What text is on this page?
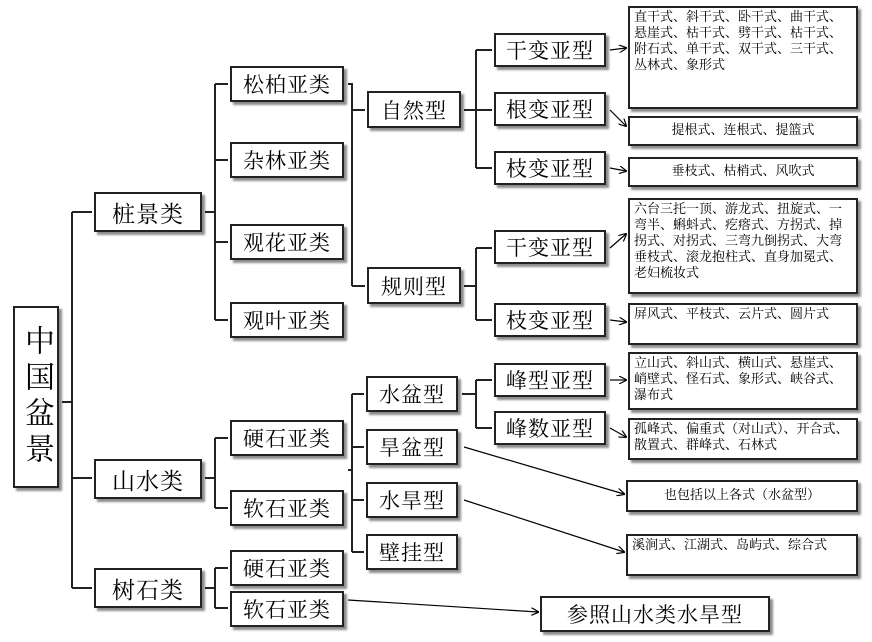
中国盆景
桩景类
山水类
树石类
松柏亚类
杂林亚类
观花亚类
观叶亚类
自然型
规则型
干变亚型
根变亚型
枝变亚型
干变亚型
枝变亚型
直干式、斜干式、卧干式、曲干式、悬崖式、枯干式、劈干式、枯干式、附石式、单干式、双干式、三干式、丛林式、象形式
提根式、连根式、提篮式
垂枝式、枯梢式、风吹式
六台三托一顶、游龙式、扭旋式、一弯半、蝌蚪式、疙瘩式、方拐式、掉拐式、对拐式、三弯九倒拐式、大弯垂枝式、滚龙抱柱式、直身加冕式、老妇梳妆式
屏风式、平枝式、云片式、圆片式
硬石亚类
软石亚类
水盆型
旱盆型
水旱型
壁挂型
峰型亚型
峰数亚型
立山式、斜山式、横山式、悬崖式、峭壁式、怪石式、象形式、峡谷式、瀑布式
孤峰式、偏重式（对山式）、开合式、散置式、群峰式、石林式
也包括以上各式（水盆型）
溪涧式、江湖式、岛屿式、综合式
硬石亚类
软石亚类	参照山水类水旱型
